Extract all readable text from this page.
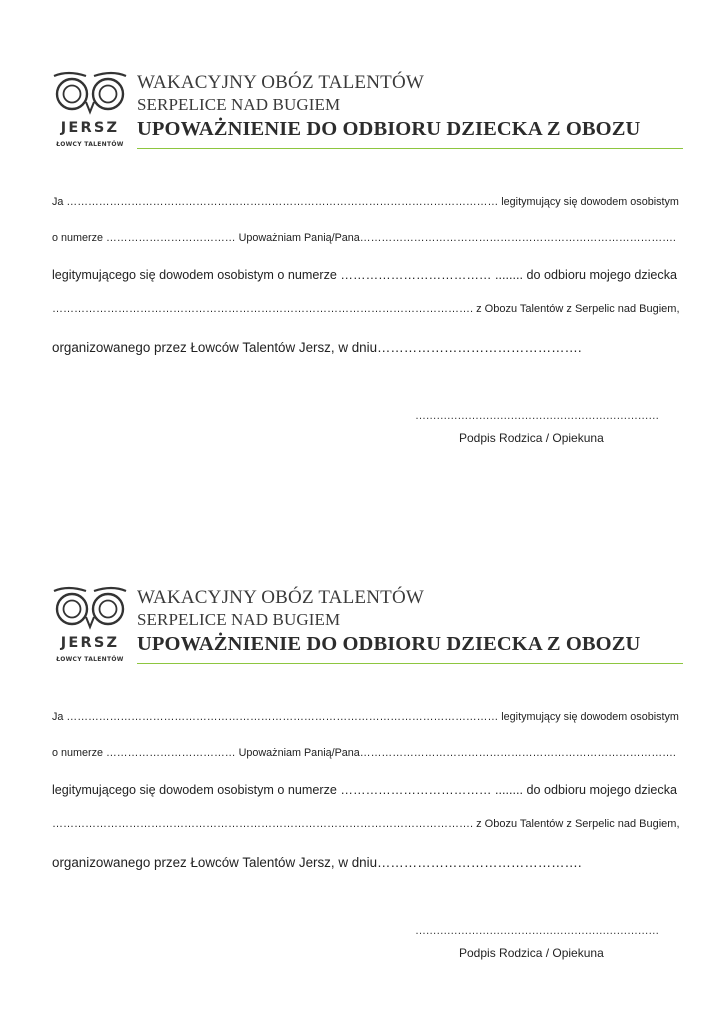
JERSZ
ŁOWCY TALENTÓW
WAKACYJNY OBÓZ TALENTÓW
SERPELICE NAD BUGIEM
UPOWAŻNIENIE DO ODBIORU DZIECKA Z OBOZU
Ja ………………………………………………………………………………………………………… legitymujący się dowodem osobistym
o numerze ……………………………… Upoważniam Panią/Pana…………………………………………………………………………….
legitymującego się dowodem osobistym o numerze ……………………………… ........ do odbioru mojego dziecka
……………………………………………………………………………………………………. z Obozu Talentów z Serpelic nad Bugiem,
organizowanego przez Łowców Talentów Jersz, w dniu……………………………………….
……………………………………………………………
Podpis Rodzica / Opiekuna
JERSZ
ŁOWCY TALENTÓW
WAKACYJNY OBÓZ TALENTÓW
SERPELICE NAD BUGIEM
UPOWAŻNIENIE DO ODBIORU DZIECKA Z OBOZU
Ja ………………………………………………………………………………………………………… legitymujący się dowodem osobistym
o numerze ……………………………… Upoważniam Panią/Pana…………………………………………………………………………….
legitymującego się dowodem osobistym o numerze ……………………………… ........ do odbioru mojego dziecka
……………………………………………………………………………………………………. z Obozu Talentów z Serpelic nad Bugiem,
organizowanego przez Łowców Talentów Jersz, w dniu……………………………………….
……………………………………………………………
Podpis Rodzica / Opiekuna
